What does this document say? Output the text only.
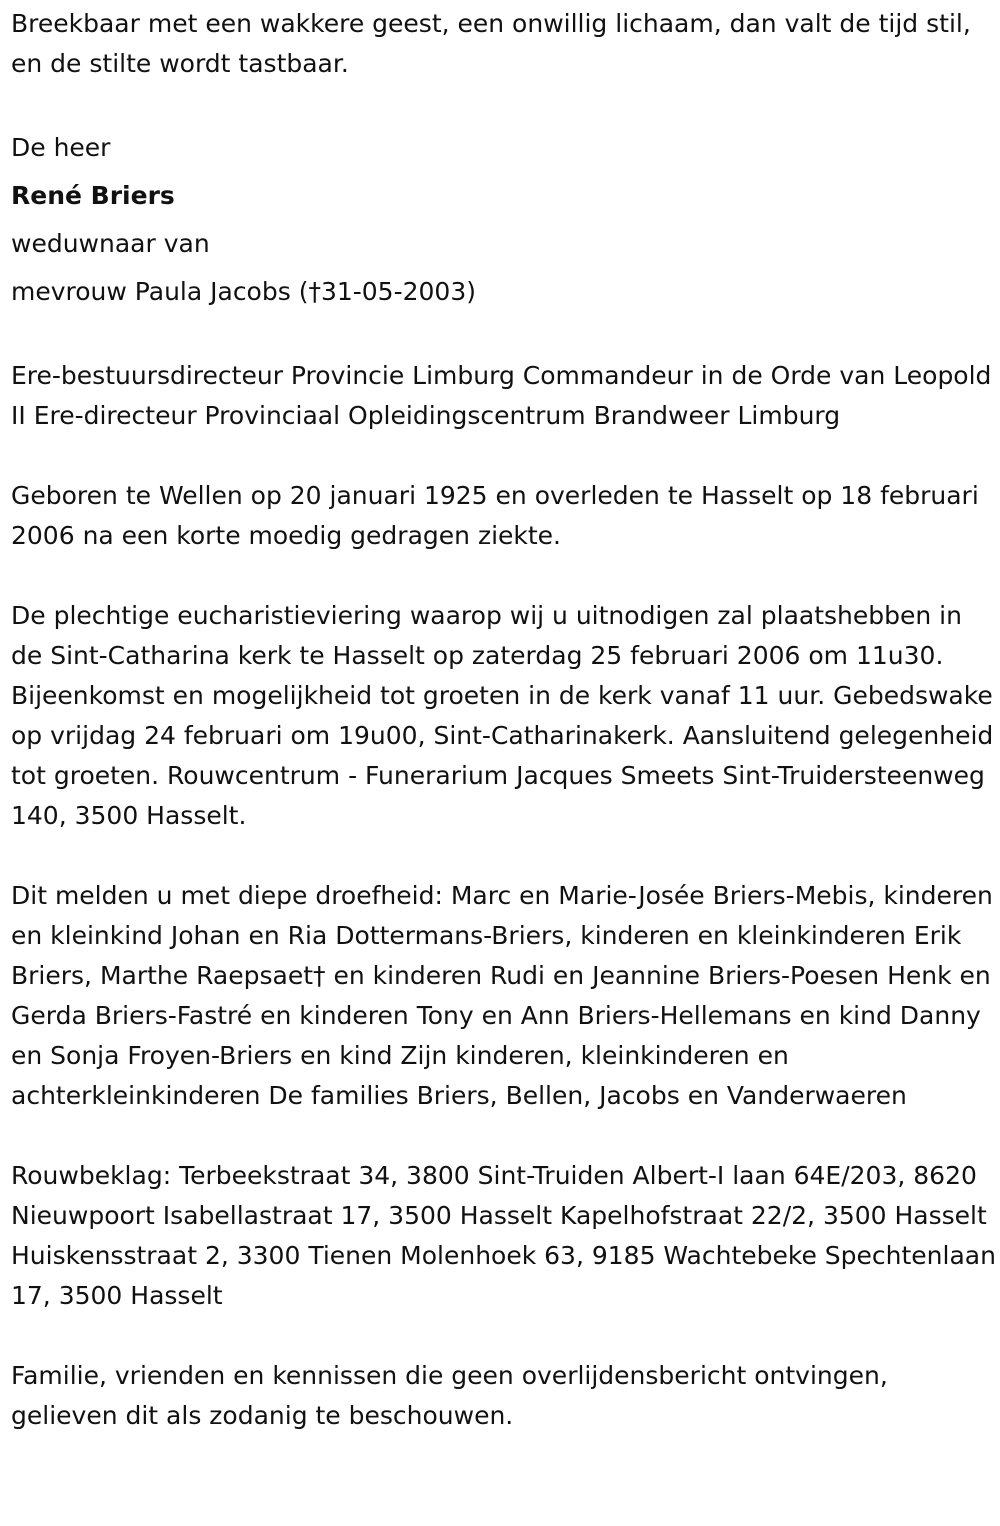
Breekbaar met een wakkere geest, een onwillig lichaam, dan valt de tijd stil, en de stilte wordt tastbaar.

De heer

René Briers

weduwnaar van

mevrouw Paula Jacobs (†31-05-2003)

Ere-bestuursdirecteur Provincie Limburg Commandeur in de Orde van Leopold II Ere-directeur Provinciaal Opleidingscentrum Brandweer Limburg

Geboren te Wellen op 20 januari 1925 en overleden te Hasselt op 18 februari 2006 na een korte moedig gedragen ziekte.

De plechtige eucharistieviering waarop wij u uitnodigen zal plaatshebben in de Sint-Catharina kerk te Hasselt op zaterdag 25 februari 2006 om 11u30. Bijeenkomst en mogelijkheid tot groeten in de kerk vanaf 11 uur. Gebedswake op vrijdag 24 februari om 19u00, Sint-Catharinakerk. Aansluitend gelegenheid tot groeten. Rouwcentrum - Funerarium Jacques Smeets Sint-Truidersteenweg 140, 3500 Hasselt.

Dit melden u met diepe droefheid: Marc en Marie-Josée Briers-Mebis, kinderen en kleinkind Johan en Ria Dottermans-Briers, kinderen en kleinkinderen Erik Briers, Marthe Raepsaet† en kinderen Rudi en Jeannine Briers-Poesen Henk en Gerda Briers-Fastré en kinderen Tony en Ann Briers-Hellemans en kind Danny en Sonja Froyen-Briers en kind Zijn kinderen, kleinkinderen en achterkleinkinderen De families Briers, Bellen, Jacobs en Vanderwaeren

Rouwbeklag: Terbeekstraat 34, 3800 Sint-Truiden Albert-I laan 64E/203, 8620 Nieuwpoort Isabellastraat 17, 3500 Hasselt Kapelhofstraat 22/2, 3500 Hasselt Huiskensstraat 2, 3300 Tienen Molenhoek 63, 9185 Wachtebeke Spechtenlaan 17, 3500 Hasselt

Familie, vrienden en kennissen die geen overlijdensbericht ontvingen, gelieven dit als zodanig te beschouwen.
